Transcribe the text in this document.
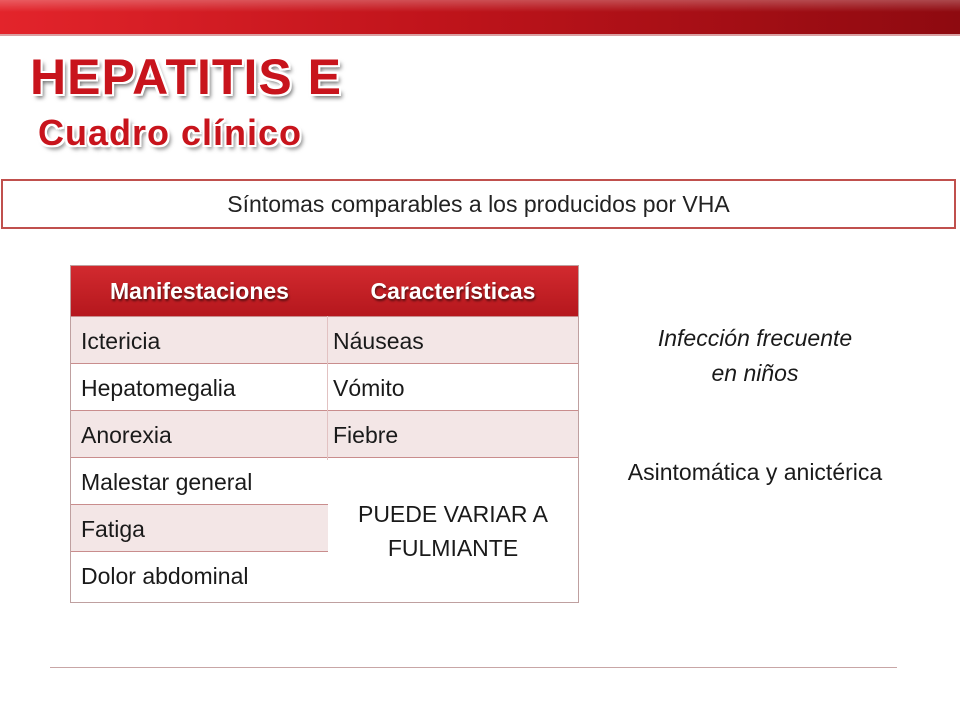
HEPATITIS E
Cuadro clínico
Síntomas comparables a los producidos por VHA
Manifestaciones	Características
Ictericia	Náuseas
Hepatomegalia	Vómito
Anorexia	Fiebre
Malestar general
Fatiga
Dolor abdominal
PUEDE VARIAR A
FULMIANTE
Infección frecuente
en niños
Asintomática y anictérica
